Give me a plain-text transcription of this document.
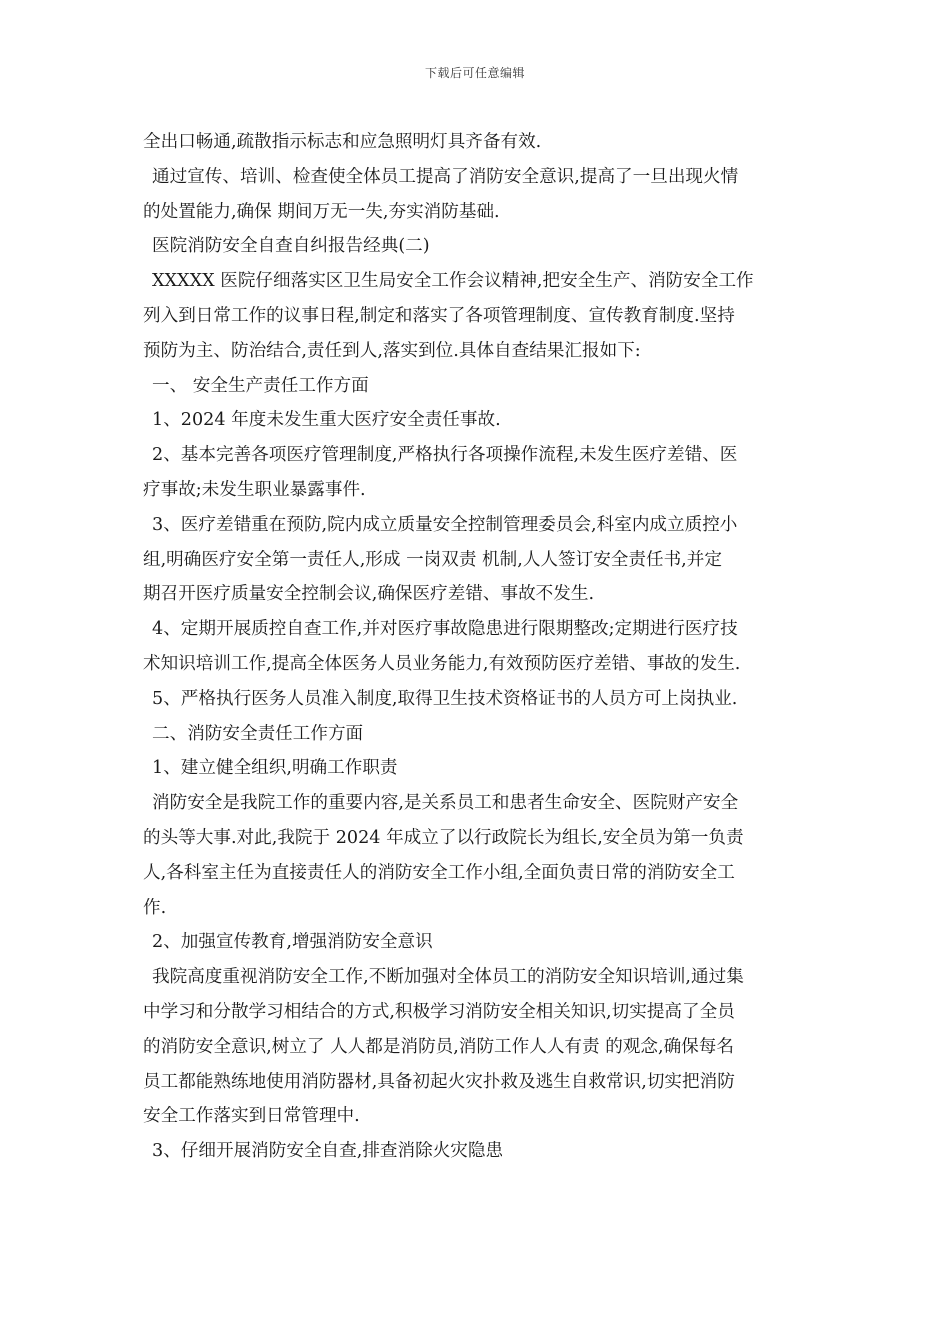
下载后可任意编辑
全出口畅通,疏散指示标志和应急照明灯具齐备有效.
通过宣传、培训、检查使全体员工提高了消防安全意识,提高了一旦出现火情
的处置能力,确保 期间万无一失,夯实消防基础.
医院消防安全自查自纠报告经典(二)
XXXXX 医院仔细落实区卫生局安全工作会议精神,把安全生产、消防安全工作
列入到日常工作的议事日程,制定和落实了各项管理制度、宣传教育制度.坚持
预防为主、防治结合,责任到人,落实到位.具体自查结果汇报如下:
一、 安全生产责任工作方面
1、2024 年度未发生重大医疗安全责任事故.
2、基本完善各项医疗管理制度,严格执行各项操作流程,未发生医疗差错、医
疗事故;未发生职业暴露事件.
3、医疗差错重在预防,院内成立质量安全控制管理委员会,科室内成立质控小
组,明确医疗安全第一责任人,形成 一岗双责 机制,人人签订安全责任书,并定
期召开医疗质量安全控制会议,确保医疗差错、事故不发生.
4、定期开展质控自查工作,并对医疗事故隐患进行限期整改;定期进行医疗技
术知识培训工作,提高全体医务人员业务能力,有效预防医疗差错、事故的发生.
5、严格执行医务人员准入制度,取得卫生技术资格证书的人员方可上岗执业.
二、消防安全责任工作方面
1、建立健全组织,明确工作职责
消防安全是我院工作的重要内容,是关系员工和患者生命安全、医院财产安全
的头等大事.对此,我院于 2024 年成立了以行政院长为组长,安全员为第一负责
人,各科室主任为直接责任人的消防安全工作小组,全面负责日常的消防安全工
作.
2、加强宣传教育,增强消防安全意识
我院高度重视消防安全工作,不断加强对全体员工的消防安全知识培训,通过集
中学习和分散学习相结合的方式,积极学习消防安全相关知识,切实提高了全员
的消防安全意识,树立了 人人都是消防员,消防工作人人有责 的观念,确保每名
员工都能熟练地使用消防器材,具备初起火灾扑救及逃生自救常识,切实把消防
安全工作落实到日常管理中.
3、仔细开展消防安全自查,排查消除火灾隐患
